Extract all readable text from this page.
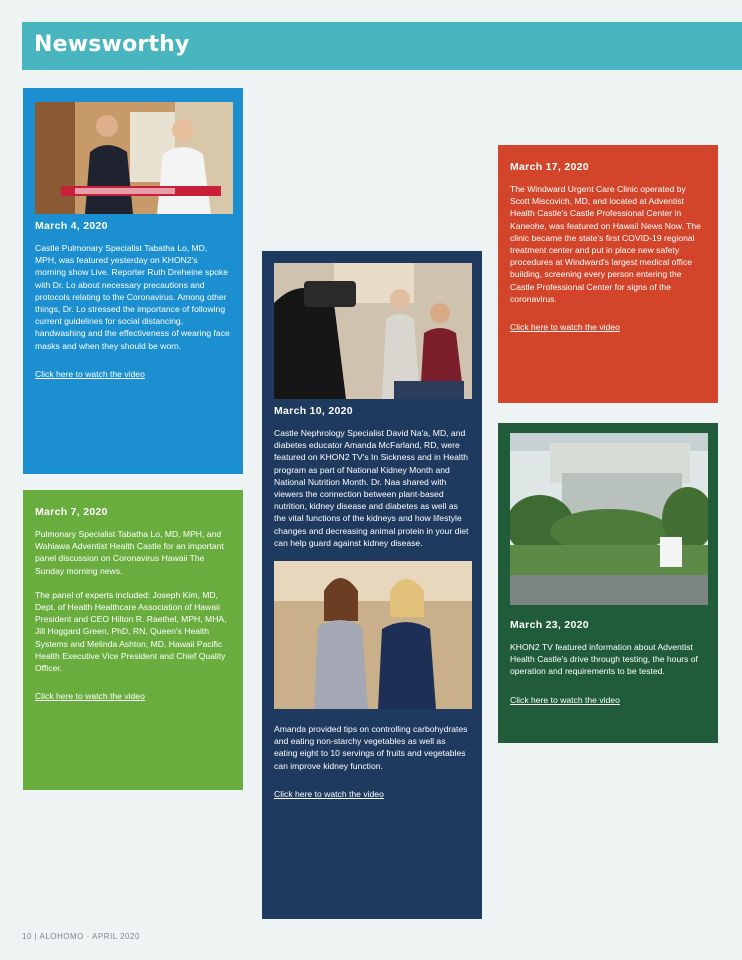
Newsworthy
March 4, 2020

Castle Pulmonary Specialist Tabatha Lo, MD, MPH, was featured yesterday on KHON2's morning show Live. Reporter Ruth Dreheine spoke with Dr. Lo about necessary precautions and protocols relating to the Coronavirus. Among other things, Dr. Lo stressed the importance of following current guidelines for social distancing, handwashing and the effectiveness of wearing face masks and when they should be worn.

Click here to watch the video
March 7, 2020

Pulmonary Specialist Tabatha Lo, MD, MPH, and Wahiawa Adventist Health Castle for an important panel discussion on Coronavirus Hawaii The Sunday morning news.

The panel of experts included: Joseph Kim, MD, Dept. of Health Healthcare Association of Hawaii President and CEO Hilton R. Raethel, MPH, MHA, Jill Hoggard Green, PhD, RN, Queen's Health Systems and Melinda Ashton, MD, Hawaii Pacific Health Executive Vice President and Chief Quality Officer.

Click here to watch the video
March 10, 2020

Castle Nephrology Specialist David Na'a, MD, and diabetes educator Amanda McFarland, RD, were featured on KHON2 TV's In Sickness and in Health program as part of National Kidney Month and National Nutrition Month. Dr. Naa shared with viewers the connection between plant-based nutrition, kidney disease and diabetes as well as the vital functions of the kidneys and how lifestyle changes and decreasing animal protein in your diet can help guard against kidney disease.

Amanda provided tips on controlling carbohydrates and eating non-starchy vegetables as well as eating eight to 10 servings of fruits and vegetables can improve kidney function.

Click here to watch the video
March 17, 2020

The Windward Urgent Care Clinic operated by Scott Miscovich, MD, and located at Adventist Health Castle's Castle Professional Center in Kaneohe, was featured on Hawaii News Now. The clinic became the state's first COVID-19 regional treatment center and put in place new safety procedures at Windward's largest medical office building, screening every person entering the Castle Professional Center for signs of the coronavirus.

Click here to watch the video
March 23, 2020

KHON2 TV featured information about Adventist Health Castle's drive through testing, the hours of operation and requirements to be tested.

Click here to watch the video
10 | ALOHOMO · APRIL 2020
